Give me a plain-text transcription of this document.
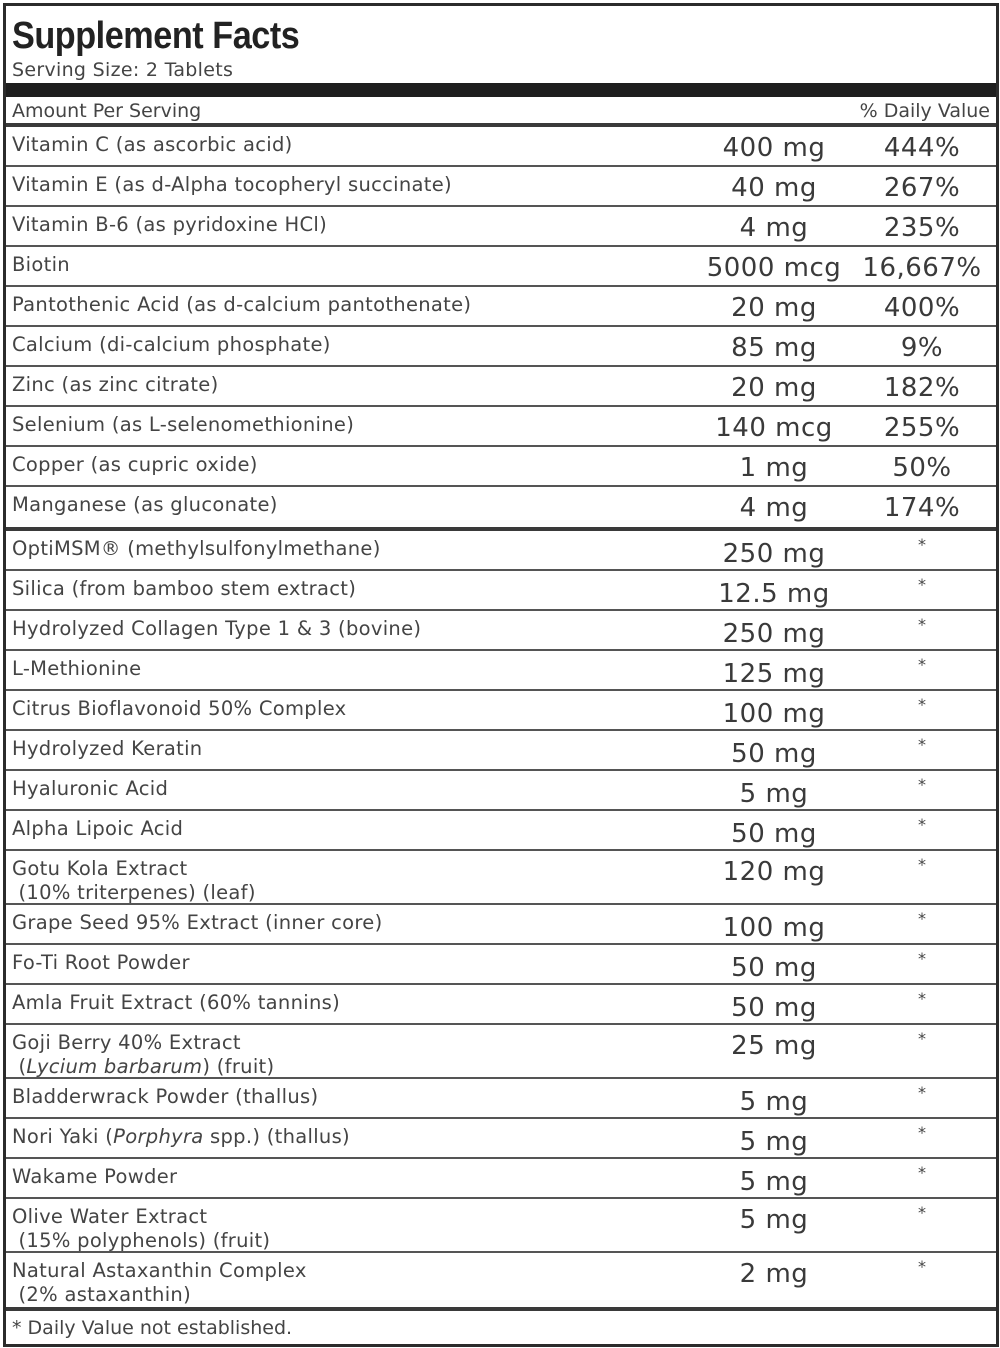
Supplement Facts
Serving Size: 2 Tablets
Amount Per Serving	% Daily Value
Vitamin C (as ascorbic acid)	400 mg	444%
Vitamin E (as d-Alpha tocopheryl succinate)	40 mg	267%
Vitamin B-6 (as pyridoxine HCl)	4 mg	235%
Biotin	5000 mcg 16,667%
Pantothenic Acid (as d-calcium pantothenate)	20 mg	400%
Calcium (di-calcium phosphate)	85 mg	9%
Zinc (as zinc citrate)	20 mg	182%
Selenium (as L-selenomethionine)	140 mcg	255%
Copper (as cupric oxide)	1 mg	50%
Manganese (as gluconate)	4 mg	174%
OptiMSM® (methylsulfonylmethane)	250 mg	*
Silica (from bamboo stem extract)	12.5 mg	*
Hydrolyzed Collagen Type 1 & 3 (bovine)	250 mg	*
L-Methionine	125 mg	*
Citrus Bioflavonoid 50% Complex	100 mg	*
Hydrolyzed Keratin	50 mg	*
Hyaluronic Acid	5 mg	*
Alpha Lipoic Acid	50 mg	*
Gotu Kola Extract
(10% triterpenes) (leaf)
120 mg	*
Grape Seed 95% Extract (inner core)	100 mg	*
Fo-Ti Root Powder	50 mg	*
Amla Fruit Extract (60% tannins)	50 mg	*
Goji Berry 40% Extract
(Lycium barbarum) (fruit)
25 mg	*
Bladderwrack Powder (thallus)	5 mg	*
Nori Yaki (Porphyra spp.) (thallus)	5 mg	*
Wakame Powder	5 mg	*
Olive Water Extract
(15% polyphenols) (fruit)
5 mg	*
Natural Astaxanthin Complex
(2% astaxanthin)
2 mg	*
* Daily Value not established.
